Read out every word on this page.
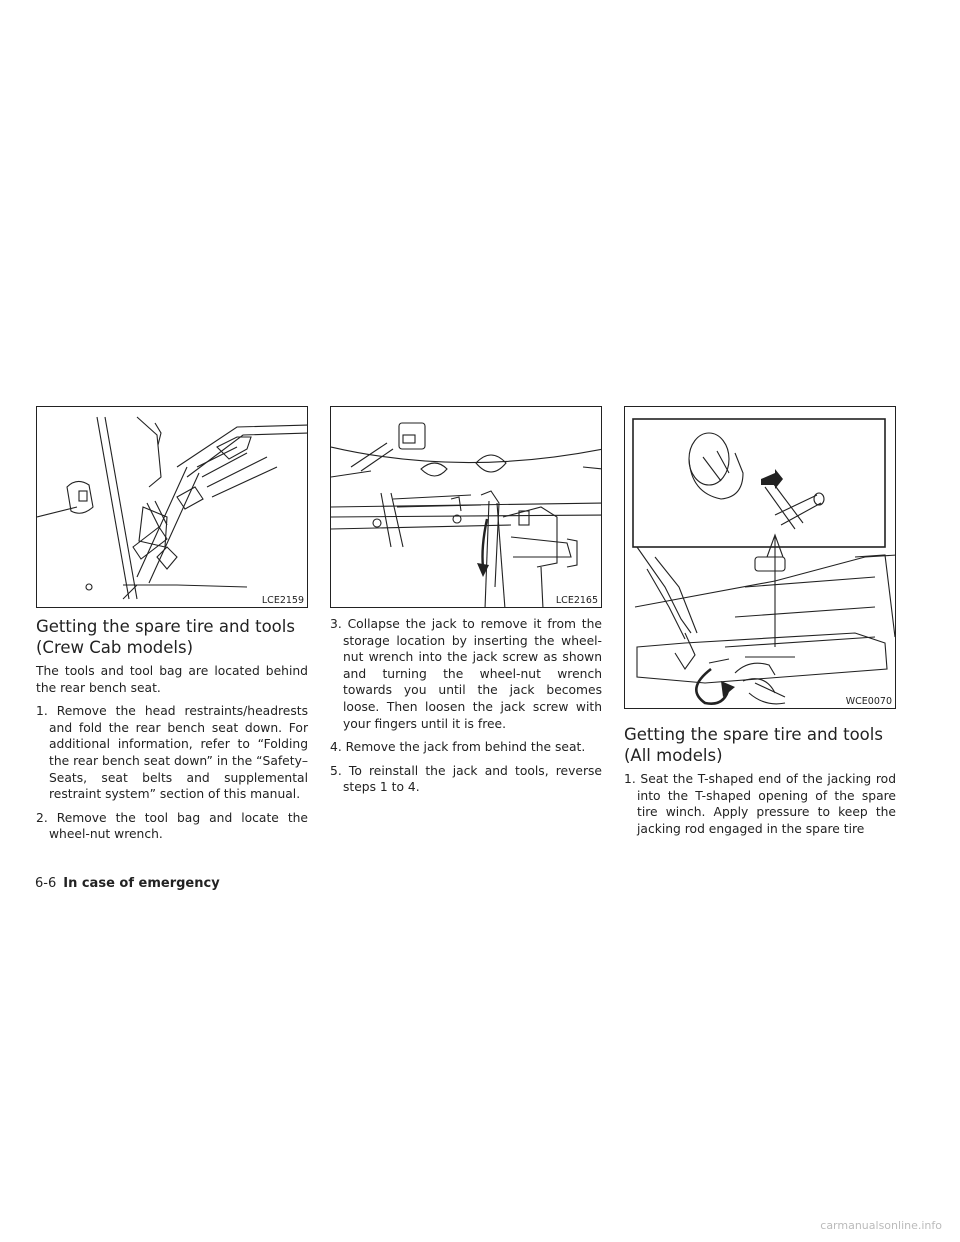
LCE2159	LCE2165
WCE0070
Getting the spare tire and tools
(Crew Cab models)

The tools and tool bag are located behind the rear bench seat.

1. Remove the head restraints/headrests and fold the rear bench seat down. For additional information, refer to “Folding the rear bench seat down” in the “Safety–Seats, seat belts and supplemental restraint system” section of this manual.
2. Remove the tool bag and locate the wheel-nut wrench.
3. Collapse the jack to remove it from the storage location by inserting the wheel-nut wrench into the jack screw as shown and turning the wheel-nut wrench towards you until the jack becomes loose. Then loosen the jack screw with your fingers until it is free.
4. Remove the jack from behind the seat.
5. To reinstall the jack and tools, reverse steps 1 to 4.
Getting the spare tire and tools
(All models)
1. Seat the T-shaped end of the jacking rod into the T-shaped opening of the spare tire winch. Apply pressure to keep the jacking rod engaged in the spare tire
6-6 In case of emergency
carmanualsonline.info
